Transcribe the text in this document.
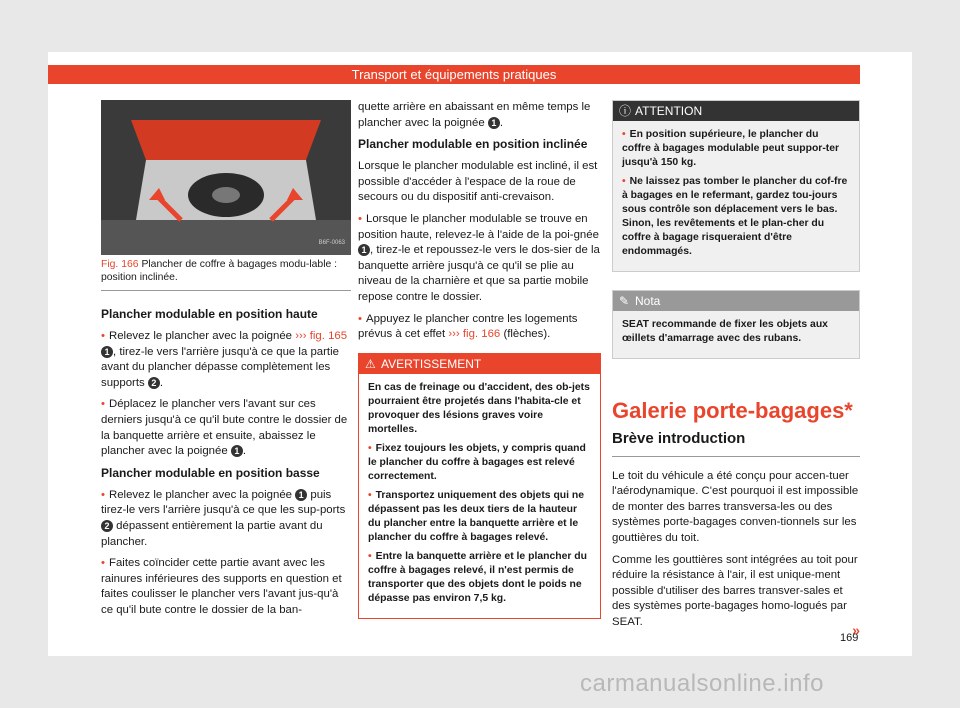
Transport et équipements pratiques
B6F-0063
Fig. 166 Plancher de coffre à bagages modu-lable : position inclinée.
Plancher modulable en position haute

• Relevez le plancher avec la poignée ››› fig. 165 1 , tirez-le vers l'arrière jusqu'à ce que la partie avant du plancher dépasse complètement les supports 2 .

• Déplacez le plancher vers l'avant sur ces derniers jusqu'à ce qu'il bute contre le dossier de la banquette arrière et ensuite, abaissez le plancher avec la poignée 1 .

Plancher modulable en position basse

• Relevez le plancher avec la poignée 1 puis tirez-le vers l'arrière jusqu'à ce que les sup-ports 2 dépassent entièrement la partie avant du plancher.

• Faites coïncider cette partie avant avec les rainures inférieures des supports en question et faites coulisser le plancher vers l'avant jus-qu'à ce qu'il bute contre le dossier de la ban-

quette arrière en abaissant en même temps le plancher avec la poignée 1 .

Plancher modulable en position inclinée

Lorsque le plancher modulable est incliné, il est possible d'accéder à l'espace de la roue de secours ou du dispositif anti-crevaison.

• Lorsque le plancher modulable se trouve en position haute, relevez-le à l'aide de la poi-gnée 1 , tirez-le et repoussez-le vers le dos-sier de la banquette arrière jusqu'à ce qu'il se plie au niveau de la charnière et que sa partie mobile repose contre le dossier.

• Appuyez le plancher contre les logements prévus à cet effet ››› fig. 166 (flèches).

⚠ AVERTISSEMENT

En cas de freinage ou d'accident, des ob-jets pourraient être projetés dans l'habita-cle et provoquer des lésions graves voire mortelles.

• Fixez toujours les objets, y compris quand le plancher du coffre à bagages est relevé correctement.

• Transportez uniquement des objets qui ne dépassent pas les deux tiers de la hauteur du plancher entre la banquette arrière et le plancher du coffre à bagages relevé.

• Entre la banquette arrière et le plancher du coffre à bagages relevé, il n'est permis de transporter que des objets dont le poids ne dépasse pas environ 7,5 kg.

ⓘ ATTENTION

• En position supérieure, le plancher du coffre à bagages modulable peut suppor-ter jusqu'à 150 kg.

• Ne laissez pas tomber le plancher du cof-fre à bagages en le refermant, gardez tou-jours sous contrôle son déplacement vers le bas. Sinon, les revêtements et le plan-cher du coffre à bagage risqueraient d'être endommagés.

✎ Nota

SEAT recommande de fixer les objets aux œillets d'amarrage avec des rubans.

Galerie porte-bagages*
Brève introduction

Le toit du véhicule a été conçu pour accen-tuer l'aérodynamique. C'est pourquoi il est impossible de monter des barres transversa-les ou des systèmes porte-bagages conven-tionnels sur les gouttières du toit.

Comme les gouttières sont intégrées au toit pour réduire la résistance à l'air, il est unique-ment possible d'utiliser des barres transver-sales et des systèmes porte-bagages homo-logués par SEAT.	»
169
carmanualsonline.info
